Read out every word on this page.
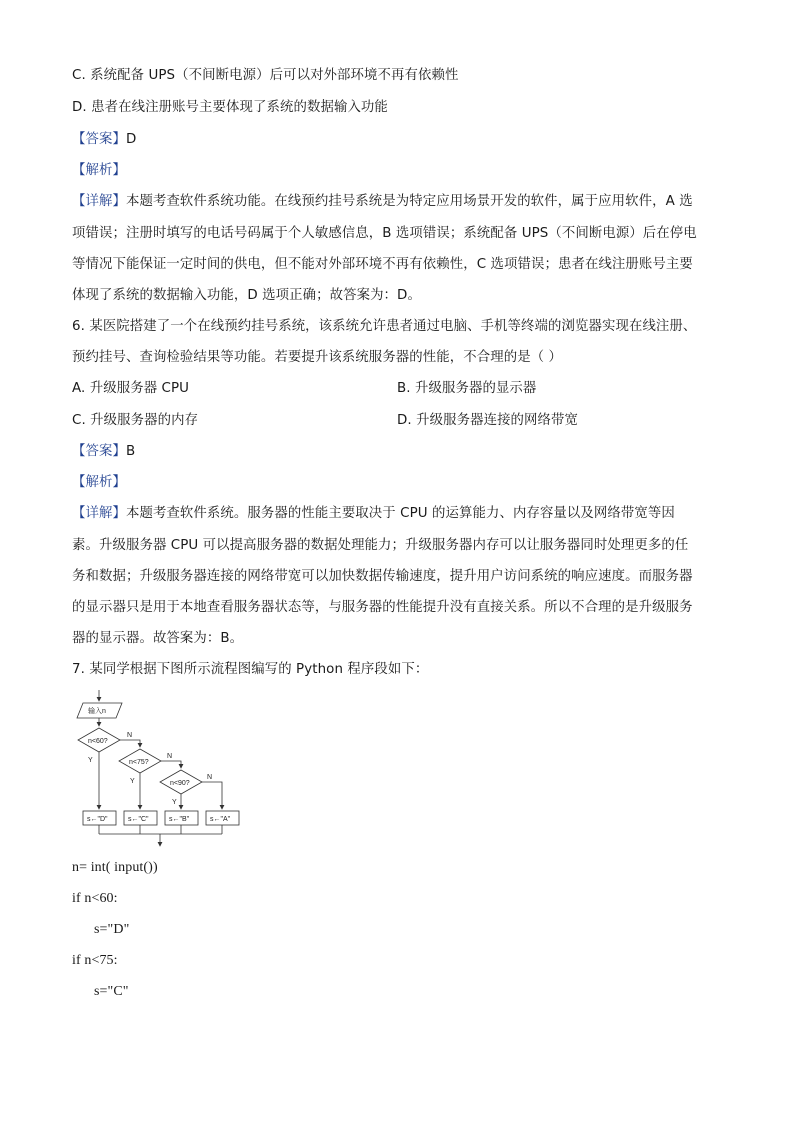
C. 系统配备 UPS（不间断电源）后可以对外部环境不再有依赖性
D. 患者在线注册账号主要体现了系统的数据输入功能
【答案】D
【解析】
【详解】本题考查软件系统功能。在线预约挂号系统是为特定应用场景开发的软件，属于应用软件，A 选
项错误；注册时填写的电话号码属于个人敏感信息，B 选项错误；系统配备 UPS（不间断电源）后在停电
等情况下能保证一定时间的供电，但不能对外部环境不再有依赖性，C 选项错误；患者在线注册账号主要
体现了系统的数据输入功能，D 选项正确；故答案为：D。
6. 某医院搭建了一个在线预约挂号系统，该系统允许患者通过电脑、手机等终端的浏览器实现在线注册、
预约挂号、查询检验结果等功能。若要提升该系统服务器的性能，不合理的是（ ）
A. 升级服务器 CPU	B. 升级服务器的显示器
C. 升级服务器的内存	D. 升级服务器连接的网络带宽
【答案】B
【解析】
【详解】本题考查软件系统。服务器的性能主要取决于 CPU 的运算能力、内存容量以及网络带宽等因
素。升级服务器 CPU 可以提高服务器的数据处理能力；升级服务器内存可以让服务器同时处理更多的任
务和数据；升级服务器连接的网络带宽可以加快数据传输速度，提升用户访问系统的响应速度。而服务器
的显示器只是用于本地查看服务器状态等，与服务器的性能提升没有直接关系。所以不合理的是升级服务
器的显示器。故答案为：B。
7. 某同学根据下图所示流程图编写的 Python 程序段如下：
输入n
n<60?
n<75?
n<90?
N
N
N
Y
Y
Y
s←"D"	s←"C"	s←"B"	s←"A"
n= int( input())
if n<60:
s="D"
if n<75:
s="C"
